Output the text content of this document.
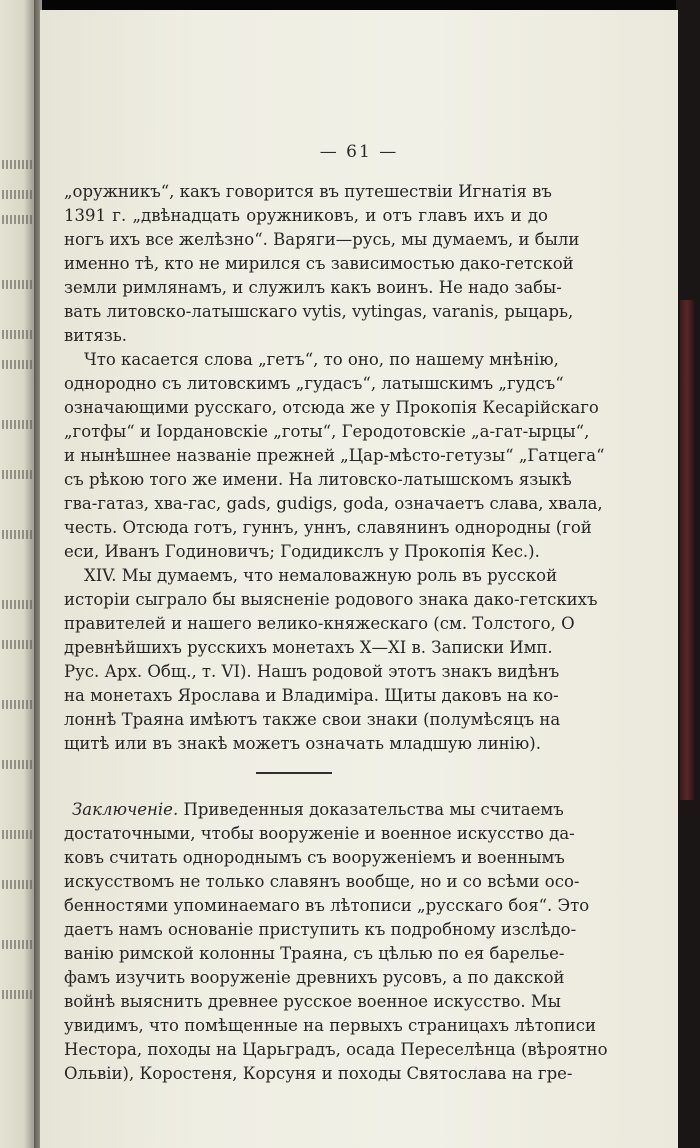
— 61 —
„оружникъ“, какъ говорится въ путешествіи Игнатія въ
1391 г. „двѣнадцать оружниковъ, и отъ главъ ихъ и до
ногъ ихъ все желѣзно“. Варяги—русь, мы думаемъ, и были
именно тѣ, кто не мирился съ зависимостью дако-гетской
земли римлянамъ, и служилъ какъ воинъ. Не надо забы-
вать литовско-латышскаго vytis, vytingas, varanis, рыцарь,
витязь.
Что касается слова „гетъ“, то оно, по нашему мнѣнію,
однородно съ литовскимъ „гудасъ“, латышскимъ „гудсъ“
означающими русскаго, отсюда же у Прокопія Кесарійскаго
„готфы“ и Іордановскіе „готы“, Геродотовскіе „а-гат-ырцы“,
и нынѣшнее названіе прежней „Цар-мѣсто-гетузы“ „Гатцега“
съ рѣкою того же имени. На литовско-латышскомъ языкѣ
гва-гатаз, хва-гас, gads, gudigs, goda, означаетъ слава, хвала,
честь. Отсюда готъ, гуннъ, уннъ, славянинъ однородны (гой
еси, Иванъ Годиновичъ; Годидикслъ у Прокопія Кес.).
XIV. Мы думаемъ, что немаловажную роль въ русской
исторіи сыграло бы выясненіе родового знака дако-гетскихъ
правителей и нашего велико-княжескаго (см. Толстого, О
древнѣйшихъ русскихъ монетахъ X—XI в. Записки Имп.
Рус. Арх. Общ., т. VI). Нашъ родовой этотъ знакъ видѣнъ
на монетахъ Ярослава и Владиміра. Щиты даковъ на ко-
лоннѣ Траяна имѣютъ также свои знаки (полумѣсяцъ на
щитѣ или въ знакѣ можетъ означать младшую линію).
Заключеніе. Приведенныя доказательства мы считаемъ
достаточными, чтобы вооруженіе и военное искусство да-
ковъ считать однороднымъ съ вооруженіемъ и военнымъ
искусствомъ не только славянъ вообще, но и со всѣми осо-
бенностями упоминаемаго въ лѣтописи „русскаго боя“. Это
даетъ намъ основаніе приступить къ подробному изслѣдо-
ванію римской колонны Траяна, съ цѣлью по ея барелье-
фамъ изучить вооруженіе древнихъ русовъ, а по дакской
войнѣ выяснить древнее русское военное искусство. Мы
увидимъ, что помѣщенные на первыхъ страницахъ лѣтописи
Нестора, походы на Царьградъ, осада Переселѣнца (вѣроятно
Ольвіи), Коростеня, Корсуня и походы Святослава на гре-
